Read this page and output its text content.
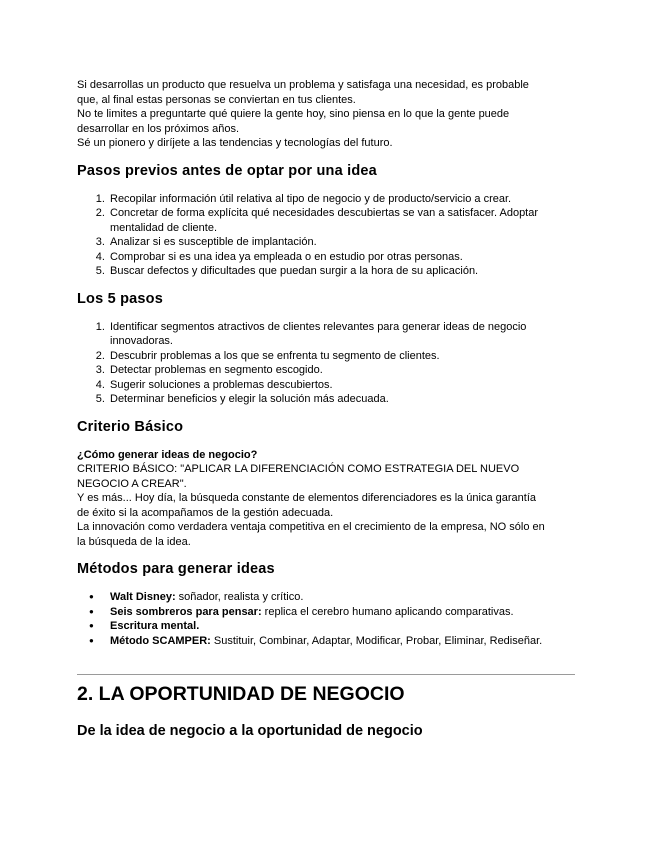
Si desarrollas un producto que resuelva un problema y satisfaga una necesidad, es probable

que, al final estas personas se conviertan en tus clientes.

No te limites a preguntarte qué quiere la gente hoy, sino piensa en lo que la gente puede

desarrollar en los próximos años.

Sé un pionero y diríjete a las tendencias y tecnologías del futuro.

Pasos previos antes de optar por una idea
1. Recopilar información útil relativa al tipo de negocio y de producto/servicio a crear.
2. Concretar de forma explícita qué necesidades descubiertas se van a satisfacer. Adoptar mentalidad de cliente.
3. Analizar si es susceptible de implantación.
4. Comprobar si es una idea ya empleada o en estudio por otras personas.
5. Buscar defectos y dificultades que puedan surgir a la hora de su aplicación.
Los 5 pasos
1. Identificar segmentos atractivos de clientes relevantes para generar ideas de negocio innovadoras.
2. Descubrir problemas a los que se enfrenta tu segmento de clientes.
3. Detectar problemas en segmento escogido.
4. Sugerir soluciones a problemas descubiertos.
5. Determinar beneficios y elegir la solución más adecuada.
Criterio Básico

¿Cómo generar ideas de negocio?

CRITERIO BÁSICO: "APLICAR LA DIFERENCIACIÓN COMO ESTRATEGIA DEL NUEVO

NEGOCIO A CREAR".

Y es más... Hoy día, la búsqueda constante de elementos diferenciadores es la única garantía

de éxito si la acompañamos de la gestión adecuada.

La innovación como verdadera ventaja competitiva en el crecimiento de la empresa, NO sólo en

la búsqueda de la idea.

Métodos para generar ideas
● Walt Disney: soñador, realista y crítico.
● Seis sombreros para pensar: replica el cerebro humano aplicando comparativas.
● Escritura mental.
● Método SCAMPER: Sustituir, Combinar, Adaptar, Modificar, Probar, Eliminar, Rediseñar.
2. LA OPORTUNIDAD DE NEGOCIO
De la idea de negocio a la oportunidad de negocio
